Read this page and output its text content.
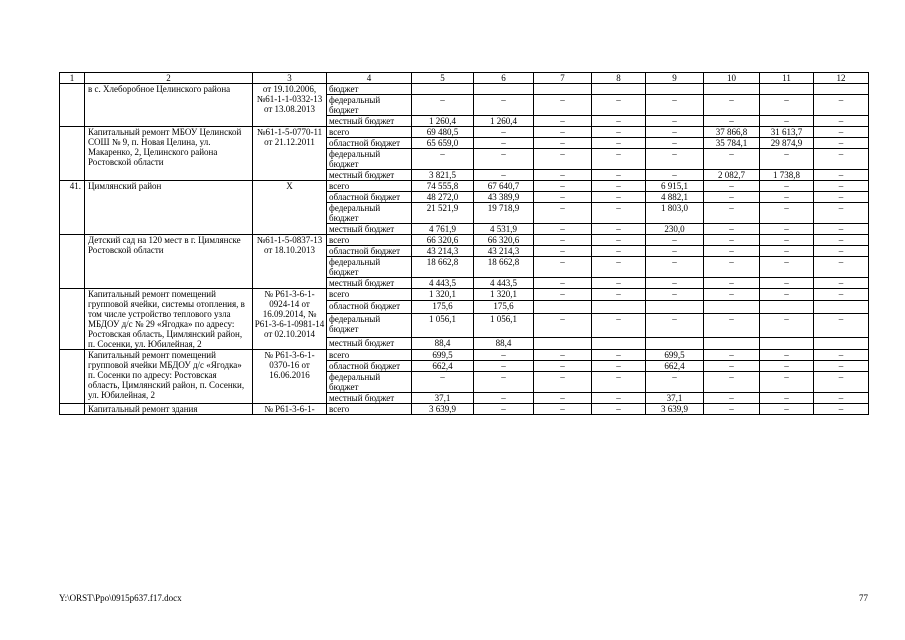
1	2	3	4	5	6	7	8	9	10	11	12
	в с. Хлеборобное Целинского района	от 19.10.2006, №61-1-1-0332-13 от 13.08.2013	бюджет								
			федеральный бюджет	–	–	–	–	–	–	–	–
			местный бюджет	1 260,4	1 260,4	–	–	–	–	–	–
	Капитальный ремонт МБОУ Целинской СОШ № 9, п. Новая Целина, ул. Макаренко, 2, Целинского района Ростовской области	№61-1-5-0770-11 от 21.12.2011	всего	69 480,5	–	–	–	–	37 866,8	31 613,7	–
			областной бюджет	65 659,0	–	–	–	–	35 784,1	29 874,9	–
			федеральный бюджет	–	–	–	–	–	–	–	–
			местный бюджет	3 821,5	–	–	–	–	2 082,7	1 738,8	–
41.	Цимлянский район	Х	всего	74 555,8	67 640,7	–	–	6 915,1	–	–	–
			областной бюджет	48 272,0	43 389,9	–	–	4 882,1	–	–	–
			федеральный бюджет	21 521,9	19 718,9	–	–	1 803,0	–	–	–
			местный бюджет	4 761,9	4 531,9	–	–	230,0	–	–	–
	Детский сад на 120 мест в г. Цимлянске Ростовской области	№61-1-5-0837-13 от 18.10.2013	всего	66 320,6	66 320,6	–	–	–	–	–	–
			областной бюджет	43 214,3	43 214,3	–	–	–	–	–	–
			федеральный бюджет	18 662,8	18 662,8	–	–	–	–	–	–
			местный бюджет	4 443,5	4 443,5	–	–	–	–	–	–
	Капитальный ремонт помещений групповой ячейки, системы отопления, в том числе устройство теплового узла МБДОУ д/с № 29 «Ягодка» по адресу: Ростовская область, Цимлянский район, п. Сосенки, ул. Юбилейная, 2	№ Р61-3-6-1-0924-14 от 16.09.2014, № Р61-3-6-1-0981-14 от 02.10.2014	всего	1 320,1	1 320,1	–	–	–	–	–	–
			областной бюджет	175,6	175,6						
			федеральный бюджет	1 056,1	1 056,1	–	–	–	–	–	–
			местный бюджет	88,4	88,4						
	Капитальный ремонт помещений групповой ячейки МБДОУ д/с «Ягодка» п. Сосенки по адресу: Ростовская область, Цимлянский район, п. Сосенки, ул. Юбилейная, 2	№ Р61-3-6-1-0370-16 от 16.06.2016	всего	699,5	–	–	–	699,5	–	–	–
			областной бюджет	662,4	–	–	–	662,4	–	–	–
			федеральный бюджет	–	–	–	–	–	–	–	–
			местный бюджет	37,1	–	–	–	37,1	–	–	–
	Капитальный ремонт здания	№ Р61-3-6-1-	всего	3 639,9	–	–	–	3 639,9	–	–	–
Y:\ORST\Ppo\0915p637.f17.docx	77
